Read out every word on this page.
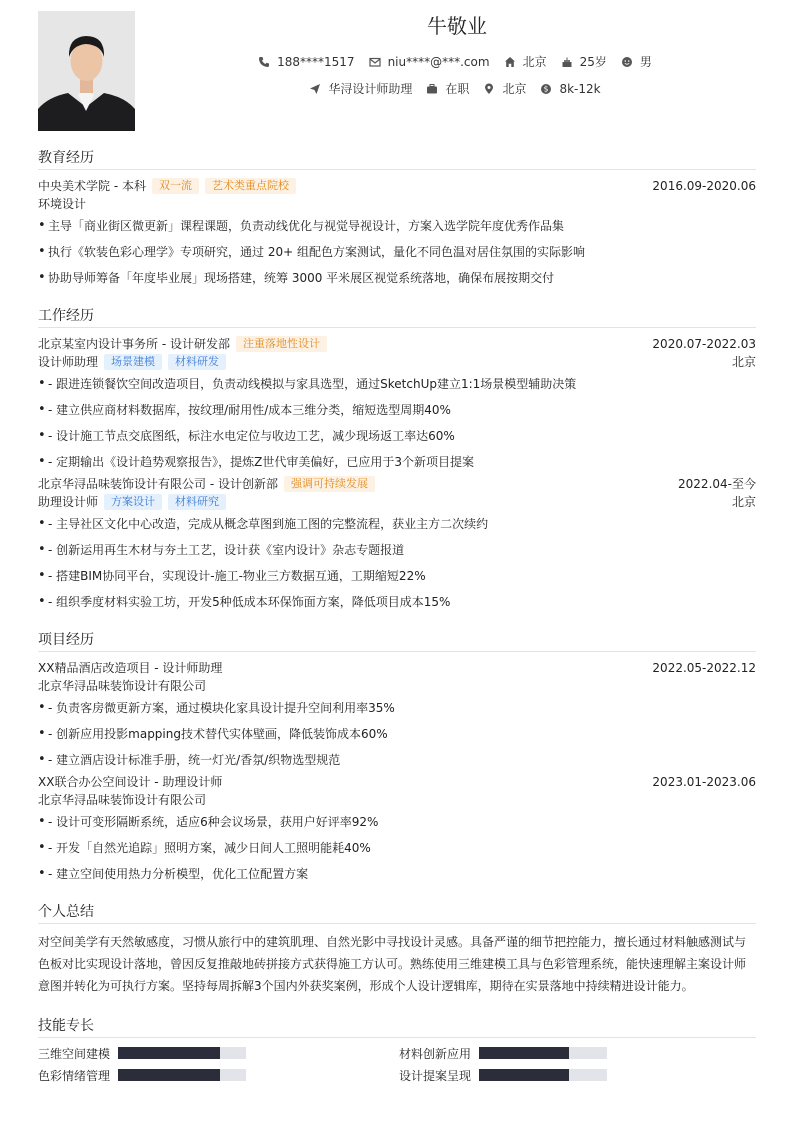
牛敬业
188****1517	niu****@***.com	北京	25岁	男
华浔设计师助理	在职	北京 $ 8k-12k
教育经历
中央美术学院 - 本科	双一流	艺术类重点院校	2016.09-2020.06
环境设计
• 主导「商业街区微更新」课程课题，负责动线优化与视觉导视设计，方案入选学院年度优秀作品集
• 执行《软装色彩心理学》专项研究，通过 20+ 组配色方案测试，量化不同色温对居住氛围的实际影响
• 协助导师筹备「年度毕业展」现场搭建，统筹 3000 平米展区视觉系统落地，确保布展按期交付
工作经历
北京某室内设计事务所 - 设计研发部	注重落地性设计	2020.07-2022.03
设计师助理	场景建模	材料研发	北京
• - 跟进连锁餐饮空间改造项目，负责动线模拟与家具选型，通过SketchUp建立1:1场景模型辅助决策
• - 建立供应商材料数据库，按纹理/耐用性/成本三维分类，缩短选型周期40%
• - 设计施工节点交底图纸，标注水电定位与收边工艺，减少现场返工率达60%
• - 定期输出《设计趋势观察报告》，提炼Z世代审美偏好，已应用于3个新项目提案
北京华浔品味装饰设计有限公司 - 设计创新部	强调可持续发展	2022.04-至今
助理设计师	方案设计	材料研究	北京
• - 主导社区文化中心改造，完成从概念草图到施工图的完整流程，获业主方二次续约
• - 创新运用再生木材与夯土工艺，设计获《室内设计》杂志专题报道
• - 搭建BIM协同平台，实现设计-施工-物业三方数据互通，工期缩短22%
• - 组织季度材料实验工坊，开发5种低成本环保饰面方案，降低项目成本15%
项目经历
XX精品酒店改造项目 - 设计师助理	2022.05-2022.12
北京华浔品味装饰设计有限公司
• - 负责客房微更新方案，通过模块化家具设计提升空间利用率35%
• - 创新应用投影mapping技术替代实体壁画，降低装饰成本60%
• - 建立酒店设计标准手册，统一灯光/香氛/织物选型规范
XX联合办公空间设计 - 助理设计师	2023.01-2023.06
北京华浔品味装饰设计有限公司
• - 设计可变形隔断系统，适应6种会议场景，获用户好评率92%
• - 开发「自然光追踪」照明方案，减少日间人工照明能耗40%
• - 建立空间使用热力分析模型，优化工位配置方案
个人总结
对空间美学有天然敏感度，习惯从旅行中的建筑肌理、自然光影中寻找设计灵感。具备严谨的细节把控能力，擅长通过材料触感测试与
色板对比实现设计落地，曾因反复推敲地砖拼接方式获得施工方认可。熟练使用三维建模工具与色彩管理系统，能快速理解主案设计师
意图并转化为可执行方案。坚持每周拆解3个国内外获奖案例，形成个人设计逻辑库，期待在实景落地中持续精进设计能力。
技能专长
三维空间建模	材料创新应用
色彩情绪管理	设计提案呈现
